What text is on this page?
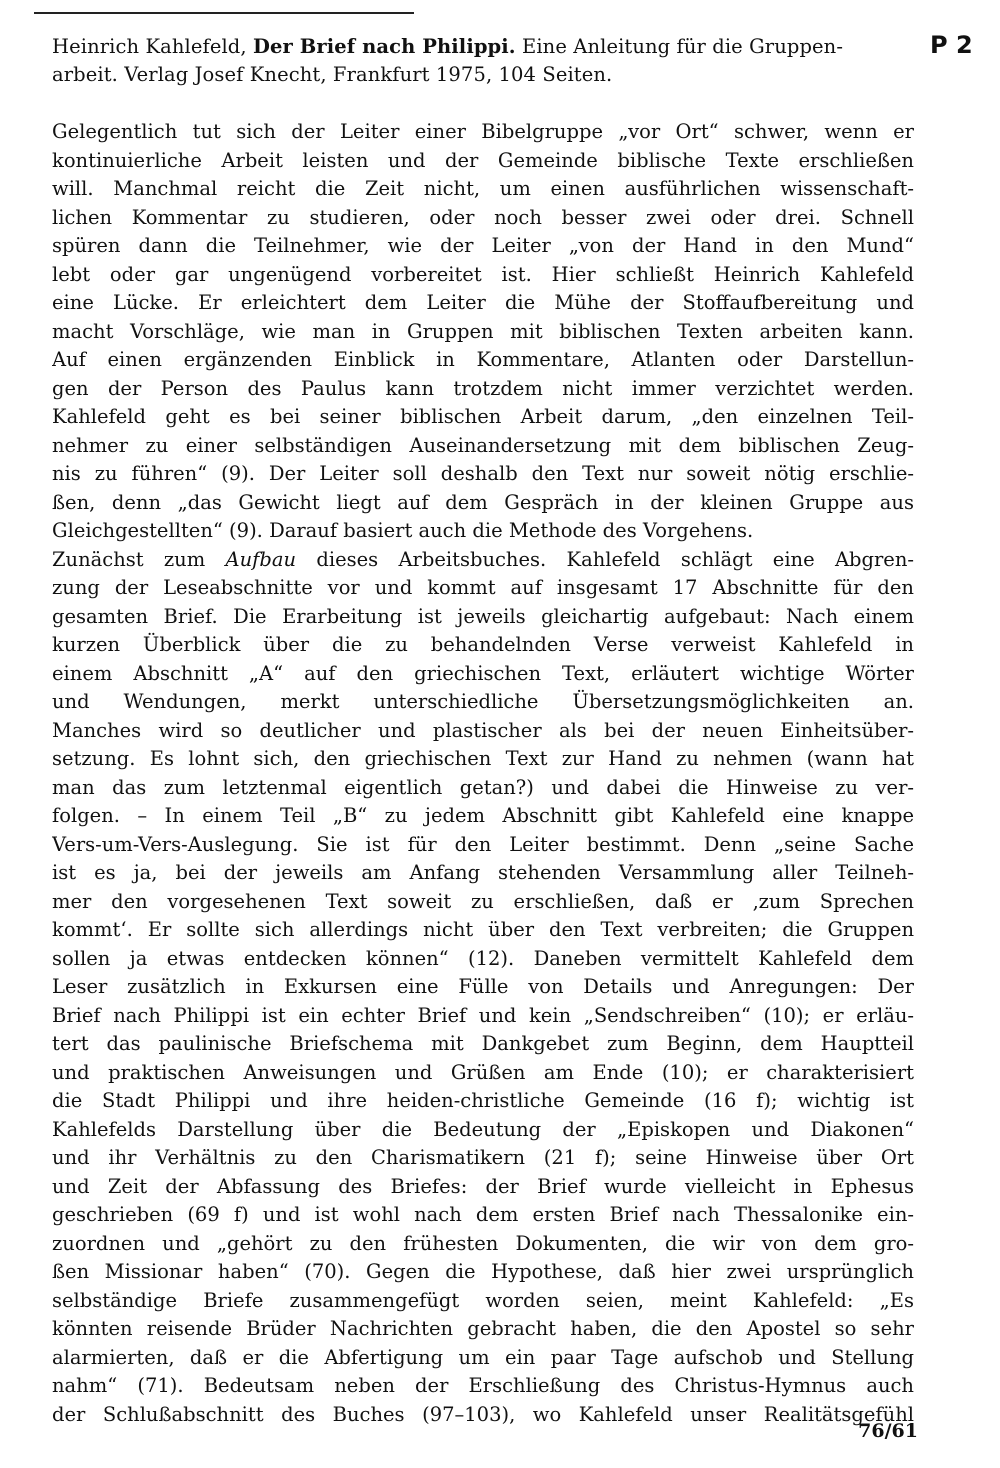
Heinrich Kahlefeld, Der Brief nach Philippi. Eine Anleitung für die Gruppen-
arbeit. Verlag Josef Knecht, Frankfurt 1975, 104 Seiten.
P 2
Gelegentlich tut sich der Leiter einer Bibelgruppe „vor Ort“ schwer, wenn er
kontinuierliche Arbeit leisten und der Gemeinde biblische Texte erschließen
will. Manchmal reicht die Zeit nicht, um einen ausführlichen wissenschaft-
lichen Kommentar zu studieren, oder noch besser zwei oder drei. Schnell
spüren dann die Teilnehmer, wie der Leiter „von der Hand in den Mund“
lebt oder gar ungenügend vorbereitet ist. Hier schließt Heinrich Kahlefeld
eine Lücke. Er erleichtert dem Leiter die Mühe der Stoffaufbereitung und
macht Vorschläge, wie man in Gruppen mit biblischen Texten arbeiten kann.
Auf einen ergänzenden Einblick in Kommentare, Atlanten oder Darstellun-
gen der Person des Paulus kann trotzdem nicht immer verzichtet werden.
Kahlefeld geht es bei seiner biblischen Arbeit darum, „den einzelnen Teil-
nehmer zu einer selbständigen Auseinandersetzung mit dem biblischen Zeug-
nis zu führen“ (9). Der Leiter soll deshalb den Text nur soweit nötig erschlie-
ßen, denn „das Gewicht liegt auf dem Gespräch in der kleinen Gruppe aus
Gleichgestellten“ (9). Darauf basiert auch die Methode des Vorgehens.
Zunächst zum Aufbau dieses Arbeitsbuches. Kahlefeld schlägt eine Abgren-
zung der Leseabschnitte vor und kommt auf insgesamt 17 Abschnitte für den
gesamten Brief. Die Erarbeitung ist jeweils gleichartig aufgebaut: Nach einem
kurzen Überblick über die zu behandelnden Verse verweist Kahlefeld in
einem Abschnitt „A“ auf den griechischen Text, erläutert wichtige Wörter
und Wendungen, merkt unterschiedliche Übersetzungsmöglichkeiten an.
Manches wird so deutlicher und plastischer als bei der neuen Einheitsüber-
setzung. Es lohnt sich, den griechischen Text zur Hand zu nehmen (wann hat
man das zum letztenmal eigentlich getan?) und dabei die Hinweise zu ver-
folgen. – In einem Teil „B“ zu jedem Abschnitt gibt Kahlefeld eine knappe
Vers-um-Vers-Auslegung. Sie ist für den Leiter bestimmt. Denn „seine Sache
ist es ja, bei der jeweils am Anfang stehenden Versammlung aller Teilneh-
mer den vorgesehenen Text soweit zu erschließen, daß er ‚zum Sprechen
kommt‘. Er sollte sich allerdings nicht über den Text verbreiten; die Gruppen
sollen ja etwas entdecken können“ (12). Daneben vermittelt Kahlefeld dem
Leser zusätzlich in Exkursen eine Fülle von Details und Anregungen: Der
Brief nach Philippi ist ein echter Brief und kein „Sendschreiben“ (10); er erläu-
tert das paulinische Briefschema mit Dankgebet zum Beginn, dem Hauptteil
und praktischen Anweisungen und Grüßen am Ende (10); er charakterisiert
die Stadt Philippi und ihre heiden-christliche Gemeinde (16 f); wichtig ist
Kahlefelds Darstellung über die Bedeutung der „Episkopen und Diakonen“
und ihr Verhältnis zu den Charismatikern (21 f); seine Hinweise über Ort
und Zeit der Abfassung des Briefes: der Brief wurde vielleicht in Ephesus
geschrieben (69 f) und ist wohl nach dem ersten Brief nach Thessalonike ein-
zuordnen und „gehört zu den frühesten Dokumenten, die wir von dem gro-
ßen Missionar haben“ (70). Gegen die Hypothese, daß hier zwei ursprünglich
selbständige Briefe zusammengefügt worden seien, meint Kahlefeld: „Es
könnten reisende Brüder Nachrichten gebracht haben, die den Apostel so sehr
alarmierten, daß er die Abfertigung um ein paar Tage aufschob und Stellung
nahm“ (71). Bedeutsam neben der Erschließung des Christus-Hymnus auch
der Schlußabschnitt des Buches (97–103), wo Kahlefeld unser Realitätsgefühl
76/61
